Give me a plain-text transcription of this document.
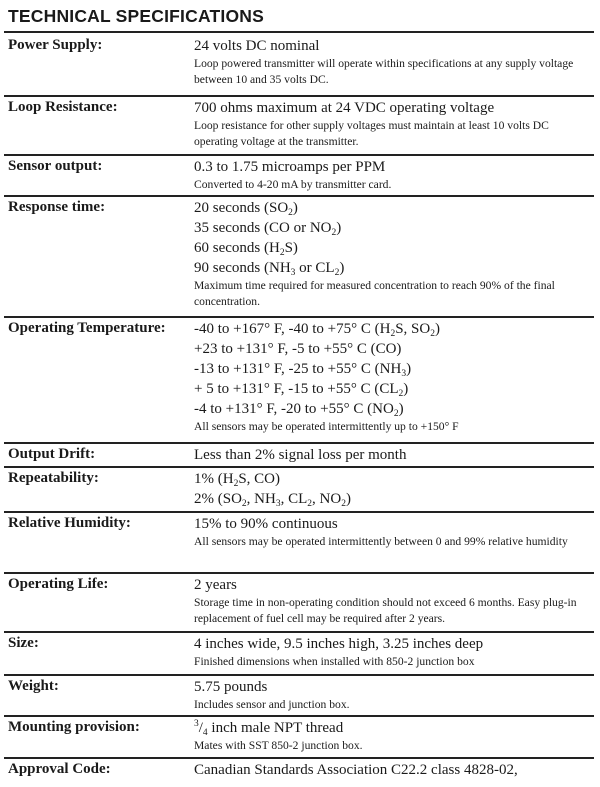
TECHNICAL SPECIFICATIONS
Power Supply:	24 volts DC nominal
Loop powered transmitter will operate within specifications at any supply voltage between 10 and 35 volts DC.
Loop Resistance:	700 ohms maximum at 24 VDC operating voltage
Loop resistance for other supply voltages must maintain at least 10 volts DC operating voltage at the transmitter.
Sensor output:	0.3 to 1.75 microamps per PPM
Converted to 4-20 mA by transmitter card.
Response time:	20 seconds $(SO_2)$
35 seconds (CO or $NO_2$)
60 seconds $(H_2S)$
90 seconds ($NH_3$ or $CL_2$)
Maximum time required for measured concentration to reach 90% of the final concentration.
Operating Temperature: -40 to +167° F, -40 to +75° C ($H_2S$, $SO_2$)
+23 to +131° F, -5 to +55° C (CO)
-13 to +131° F, -25 to +55° C $(NH_3)$
+ 5 to +131° F, -15 to +55° C $(CL_2)$
-4 to +131° F, -20 to +55° C $(NO_2)$
All sensors may be operated intermittently up to +150° F
Output Drift:	Less than 2% signal loss per month
Repeatability:	1% ($H_2S$, CO)
2% ($SO_2$, $NH_3$, $CL_2$, $NO_2$)
Relative Humidity:	15% to 90% continuous
All sensors may be operated intermittently between 0 and 99% relative humidity
Operating Life:	2 years
Storage time in non-operating condition should not exceed 6 months. Easy plug-in replacement of fuel cell may be required after 2 years.
Size:	4 inches wide, 9.5 inches high, 3.25 inches deep
Finished dimensions when installed with 850-2 junction box
Weight:	5.75 pounds
Includes sensor and junction box.
Mounting provision:	$^3/_4$ inch male NPT thread
Mates with SST 850-2 junction box.
Approval Code:	Canadian Standards Association C22.2 class 4828-02,
